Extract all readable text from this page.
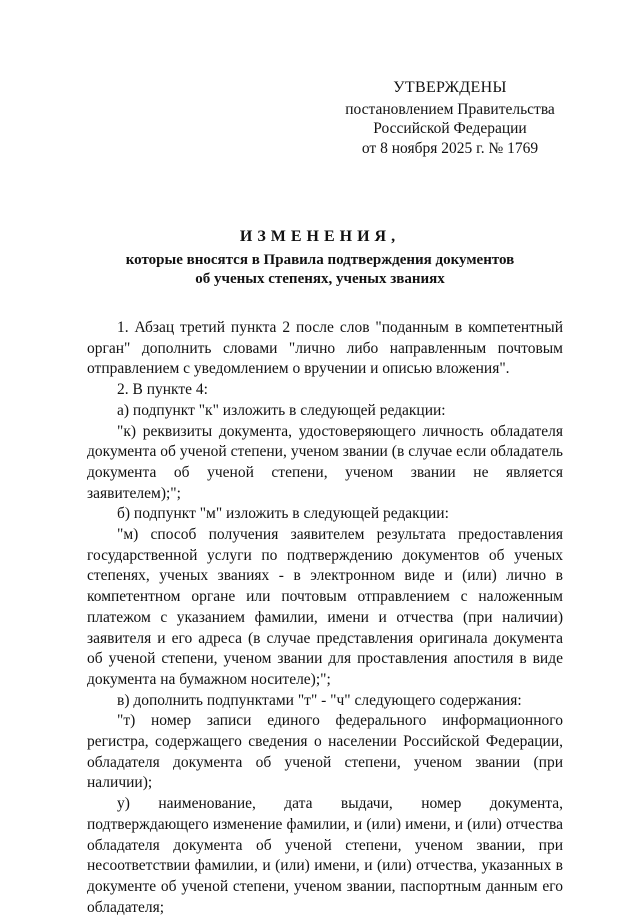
УТВЕРЖДЕНЫ
постановлением Правительства
Российской Федерации
от 8 ноября 2025 г. № 1769
ИЗМЕНЕНИЯ,
которые вносятся в Правила подтверждения документов
об ученых степенях, ученых званиях

1. Абзац третий пункта 2 после слов "поданным в компетентный орган" дополнить словами "лично либо направленным почтовым отправлением с уведомлением о вручении и описью вложения".

2. В пункте 4:

а) подпункт "к" изложить в следующей редакции:

"к) реквизиты документа, удостоверяющего личность обладателя документа об ученой степени, ученом звании (в случае если обладатель документа об ученой степени, ученом звании не является заявителем);";

б) подпункт "м" изложить в следующей редакции:

"м) способ получения заявителем результата предоставления государственной услуги по подтверждению документов об ученых степенях, ученых званиях - в электронном виде и (или) лично в компетентном органе или почтовым отправлением с наложенным платежом с указанием фамилии, имени и отчества (при наличии) заявителя и его адреса (в случае представления оригинала документа об ученой степени, ученом звании для проставления апостиля в виде документа на бумажном носителе);";

в) дополнить подпунктами "т" - "ч" следующего содержания:

"т) номер записи единого федерального информационного регистра, содержащего сведения о населении Российской Федерации, обладателя документа об ученой степени, ученом звании (при наличии);

у) наименование, дата выдачи, номер документа, подтверждающего изменение фамилии, и (или) имени, и (или) отчества обладателя документа об ученой степени, ученом звании, при несоответствии фамилии, и (или) имени, и (или) отчества, указанных в документе об ученой степени, ученом звании, паспортным данным его обладателя;
